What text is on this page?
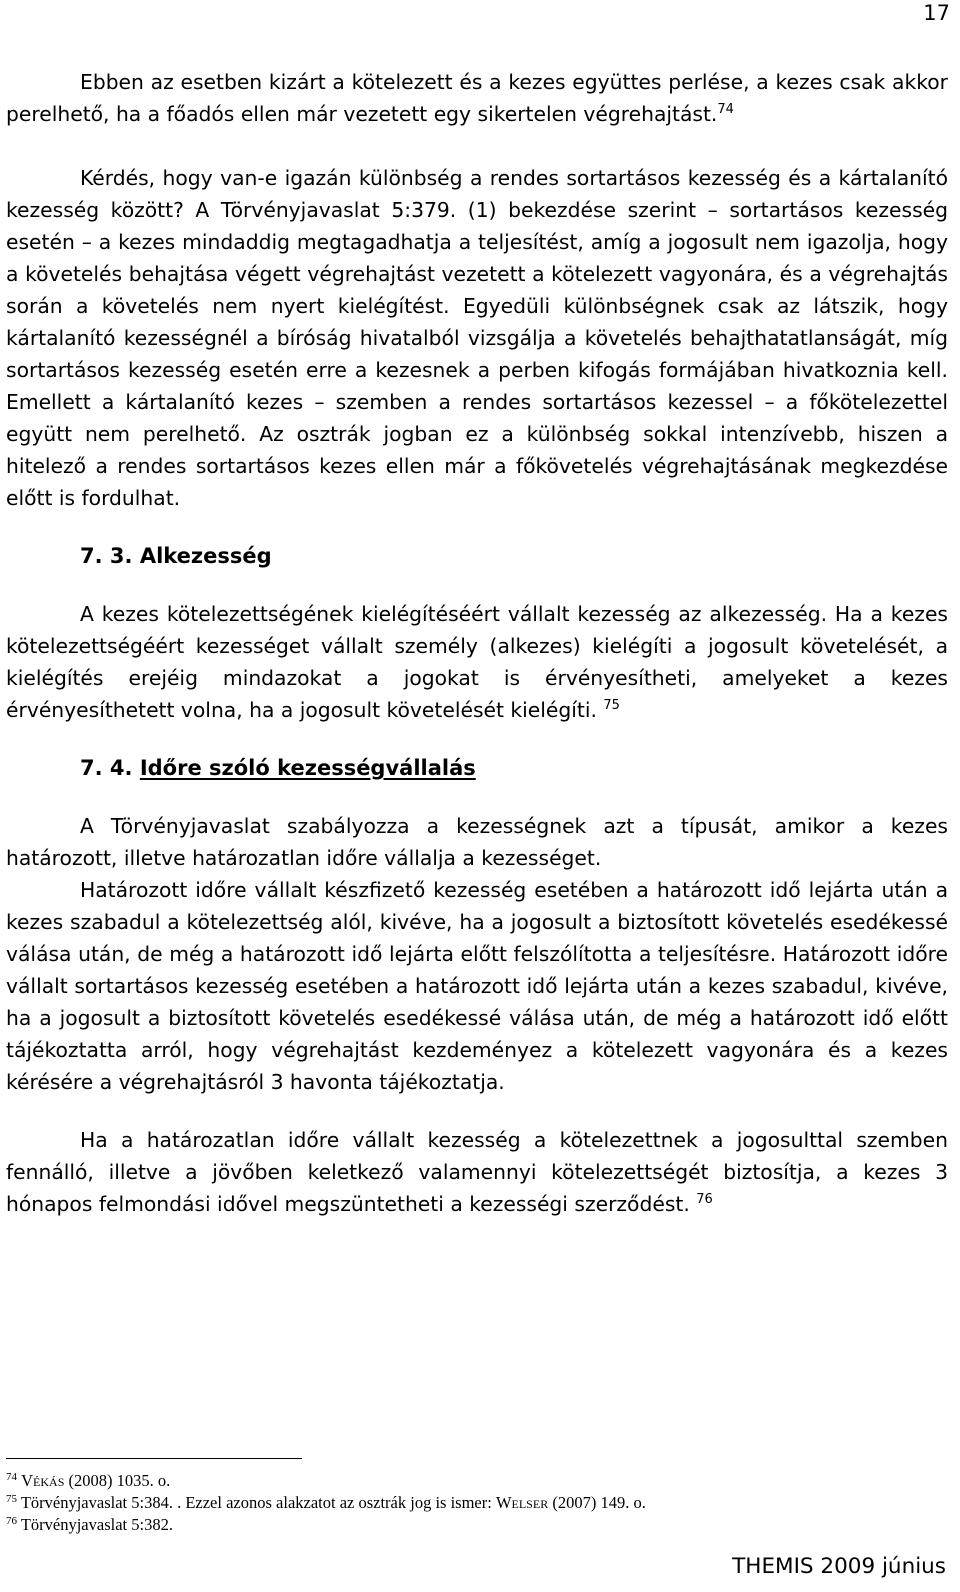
17

Ebben az esetben kizárt a kötelezett és a kezes együttes perlése, a kezes csak akkor perelhető, ha a főadós ellen már vezetett egy sikertelen végrehajtást.$^{74}$

Kérdés, hogy van-e igazán különbség a rendes sortartásos kezesség és a kártalanító kezesség között? A Törvényjavaslat 5:379. (1) bekezdése szerint – sortartásos kezesség esetén – a kezes mindaddig megtagadhatja a teljesítést, amíg a jogosult nem igazolja, hogy a követelés behajtása végett végrehajtást vezetett a kötelezett vagyonára, és a végrehajtás során a követelés nem nyert kielégítést. Egyedüli különbségnek csak az látszik, hogy kártalanító kezességnél a bíróság hivatalból vizsgálja a követelés behajthatatlanságát, míg sortartásos kezesség esetén erre a kezesnek a perben kifogás formájában hivatkoznia kell. Emellett a kártalanító kezes – szemben a rendes sortartásos kezessel – a főkötelezettel együtt nem perelhető. Az osztrák jogban ez a különbség sokkal intenzívebb, hiszen a hitelező a rendes sortartásos kezes ellen már a főkövetelés végrehajtásának megkezdése előtt is fordulhat.

7. 3. Alkezesség

A kezes kötelezettségének kielégítéséért vállalt kezesség az alkezesség. Ha a kezes kötelezettségéért kezességet vállalt személy (alkezes) kielégíti a jogosult követelését, a kielégítés erejéig mindazokat a jogokat is érvényesítheti, amelyeket a kezes érvényesíthetett volna, ha a jogosult követelését kielégíti. $^{75}$

7. 4. Időre szóló kezességvállalás

A Törvényjavaslat szabályozza a kezességnek azt a típusát, amikor a kezes határozott, illetve határozatlan időre vállalja a kezességet.

Határozott időre vállalt készfizető kezesség esetében a határozott idő lejárta után a kezes szabadul a kötelezettség alól, kivéve, ha a jogosult a biztosított követelés esedékessé válása után, de még a határozott idő lejárta előtt felszólította a teljesítésre. Határozott időre vállalt sortartásos kezesség esetében a határozott idő lejárta után a kezes szabadul, kivéve, ha a jogosult a biztosított követelés esedékessé válása után, de még a határozott idő előtt tájékoztatta arról, hogy végrehajtást kezdeményez a kötelezett vagyonára és a kezes kérésére a végrehajtásról 3 havonta tájékoztatja.

Ha a határozatlan időre vállalt kezesség a kötelezettnek a jogosulttal szemben fennálló, illetve a jövőben keletkező valamennyi kötelezettségét biztosítja, a kezes 3 hónapos felmondási idővel megszüntetheti a kezességi szerződést. $^{76}$

$^{74}$ Vékás (2008) 1035. o.
$^{75}$ Törvényjavaslat 5:384. . Ezzel azonos alakzatot az osztrák jog is ismer: Welser (2007) 149. o.
$^{76}$ Törvényjavaslat 5:382.
THEMIS 2009 június
